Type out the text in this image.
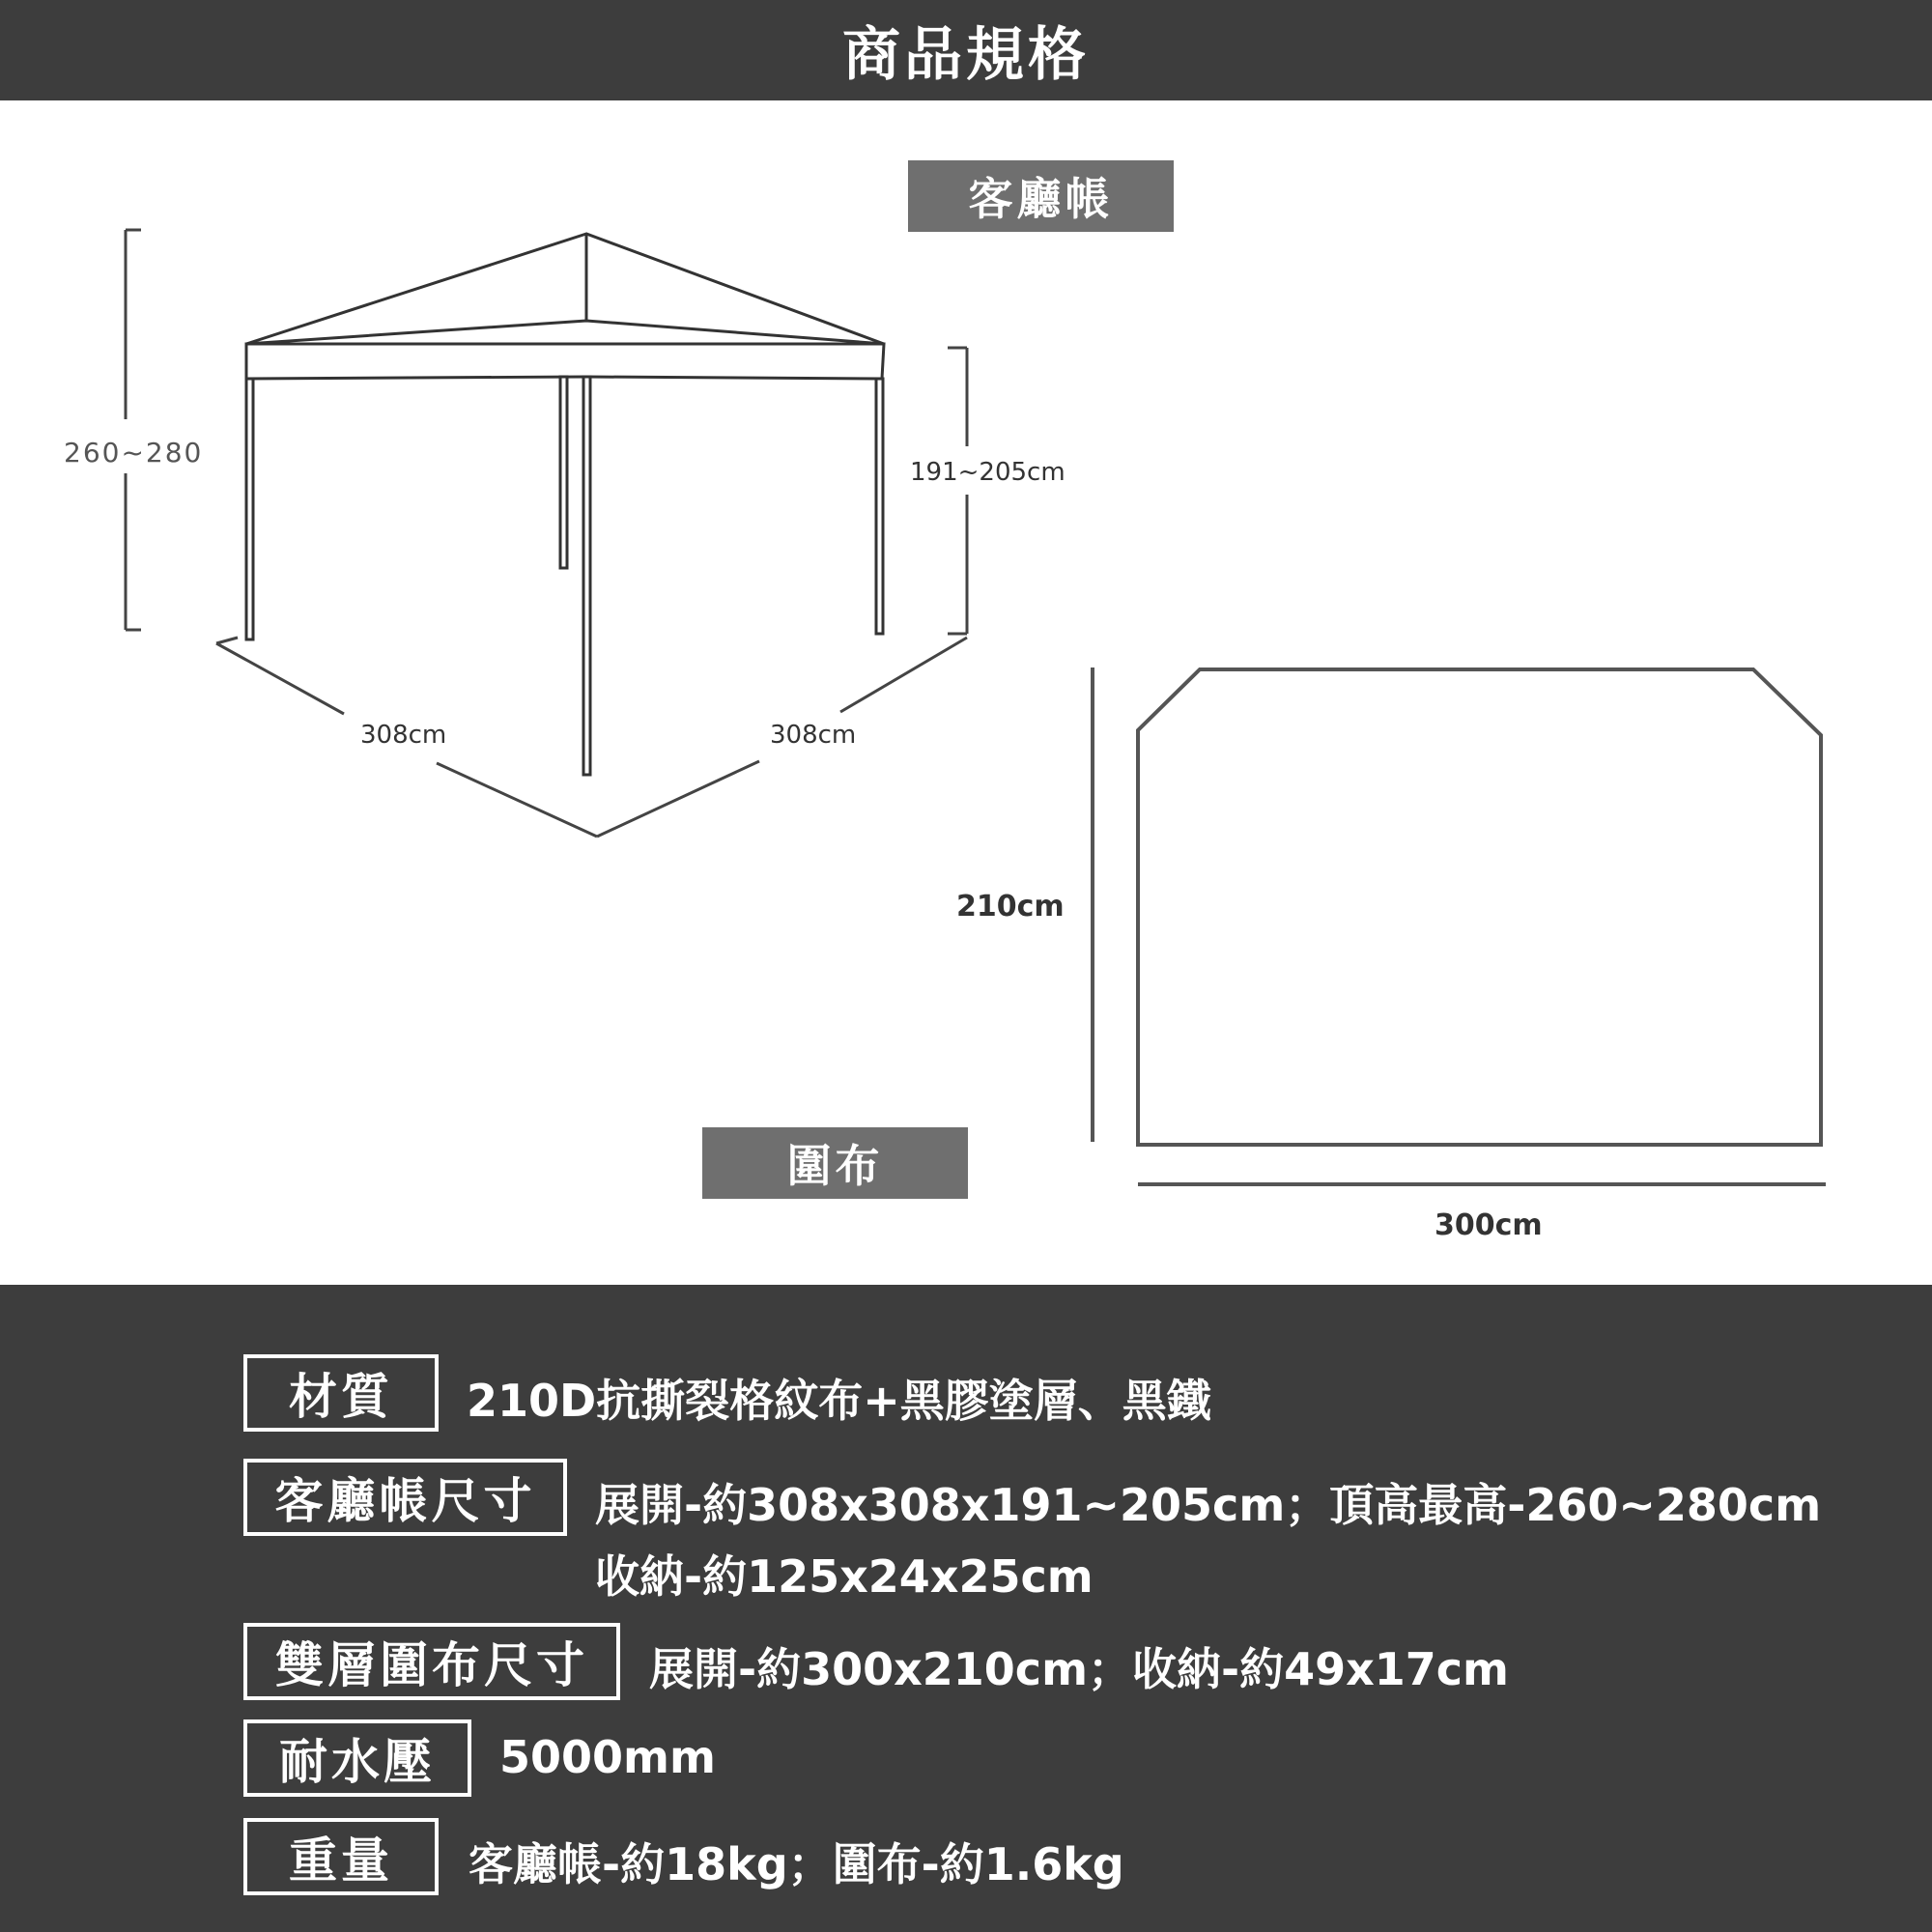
商品規格
客廳帳
圍布
260~280
191~205cm
308cm	308cm
210cm
300cm
材質	210D抗撕裂格紋布+黑膠塗層、黑鐵
客廳帳尺寸	展開-約308x308x191~205cm；頂高最高-260~280cm
收納-約125x24x25cm
雙層圍布尺寸	展開-約300x210cm；收納-約49x17cm
耐水壓	5000mm
重量	客廳帳-約18kg；圍布-約1.6kg
